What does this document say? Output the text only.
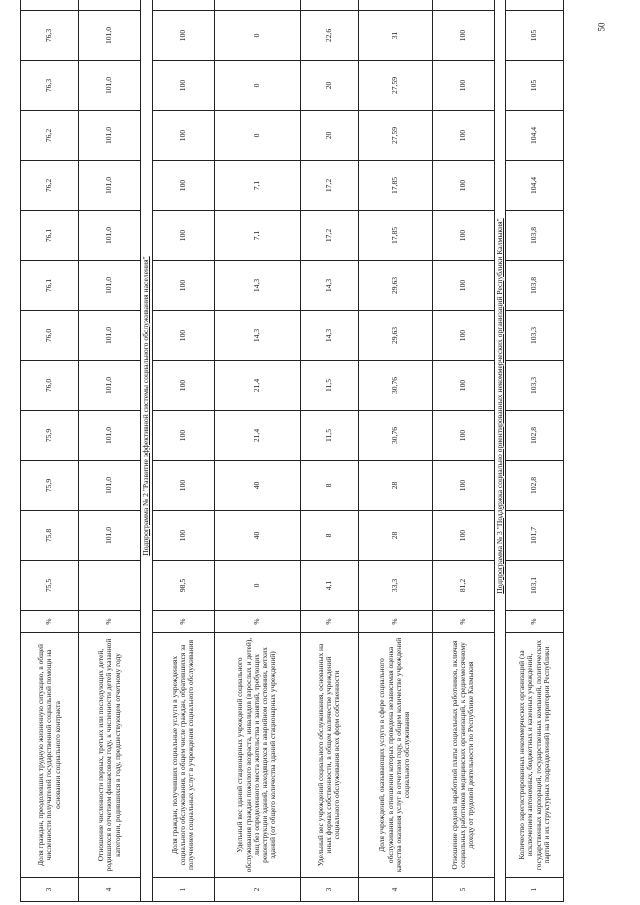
50
3	Доля граждан, преодолевших трудную жизненную ситуацию, в общей численности получателей государственной социальной помощи на основании социального контракта	%	75,5	75,8	75,9	75,9	76,0	76,0	76,1	76,1	76,2	76,2	76,3	76,3		
4	Отношение численности первых, третьих или последующих детей, родившихся в отчетном финансовом году, к численности детей указанной категории, родившихся в году, предшествующем отчетному году	%		101,0	101,0	101,0	101,0	101,0	101,0	101,0	101,0	101,0	101,0	101,0		
Подпрограмма № 2 "Развитие эффективной системы социального обслуживания населения"																
1	Доля граждан, получивших социальные услуги в учреждениях социального обслуживания, в общем числе граждан, обратившихся за получением социальных услуг в учреждения социального обслуживания	%	98,5	100	100	100	100	100	100	100	100	100	100	100		
2	Удельный вес зданий стационарных учреждений социального обслуживания граждан пожилого возраста, инвалидов (взрослых и детей), лиц без определенного места жительства и занятий, требующих реконструкции зданий, находящихся в аварийном состоянии, ветхих зданий (от общего количества зданий стационарных учреждений)	%	0	40	40	21,4	21,4	14,3	14,3	7,1	7,1	0	0	0		
3	Удельный вес учреждений социального обслуживания, основанных на иных формах собственности, в общем количестве учреждений социального обслуживания всех форм собственности	%	4,1	8	8	11,5	11,5	14,3	14,3	17,2	17,2	20	20	22,6		
4	Доля учреждений, оказывающих услуги в сфере социального обслуживания, в отношении которых проведена независимая оценка качества оказания услуг в отчетном году, в общем количестве учреждений социального обслуживания	%	33,3	28	28	30,76	30,76	29,63	29,63	17,85	17,85	27,59	27,59	31		
5	Отношение средней заработной платы социальных работников, включая социальных работников медицинских организаций, к среднемесячному доходу от трудовой деятельности по Республике Калмыкия	%	81,2	100	100	100	100	100	100	100	100	100	100	100		
Подпрограмма № 3 "Поддержка социально ориентированных некоммерческих организаций Республики Калмыкия"																
1	Количество зарегистрированных некоммерческих организаций (за исключением автономных, бюджетных и казенных учреждений, государственных корпораций, государственных компаний, политических партий и их структурных подразделений) на территории Республики	%	103,1	101,7	102,8	102,8	103,3	103,3	103,8	103,8	104,4	104,4	105	105		
